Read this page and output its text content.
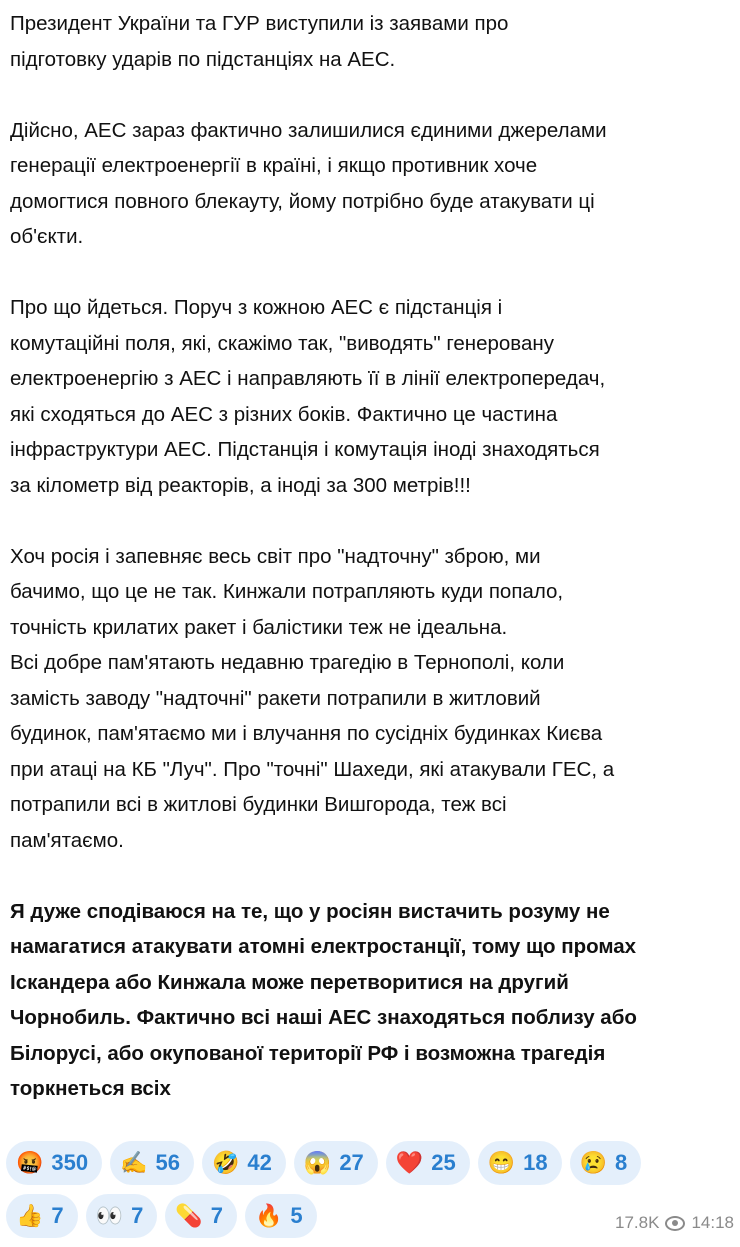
Президент України та ГУР виступили із заявами про
підготовку ударів по підстанціях на АЕС.
Дійсно, АЕС зараз фактично залишилися єдиними джерелами
генерації електроенергії в країні, і якщо противник хоче
домогтися повного блекауту, йому потрібно буде атакувати ці
об'єкти.
Про що йдеться. Поруч з кожною АЕС є підстанція і
комутаційні поля, які, скажімо так, "виводять" генеровану
електроенергію з АЕС і направляють її в лінії електропередач,
які сходяться до АЕС з різних боків. Фактично це частина
інфраструктури АЕС. Підстанція і комутація іноді знаходяться
за кілометр від реакторів, а іноді за 300 метрів!!!
Хоч росія і запевняє весь світ про "надточну" зброю, ми
бачимо, що це не так. Кинжали потрапляють куди попало,
точність крилатих ракет і балістики теж не ідеальна.
Всі добре пам'ятають недавню трагедію в Тернополі, коли
замість заводу "надточні" ракети потрапили в житловий
будинок, пам'ятаємо ми і влучання по сусідніх будинках Києва
при атаці на КБ "Луч". Про "точні" Шахеди, які атакували ГЕС, а
потрапили всі в житлові будинки Вишгорода, теж всі
пам'ятаємо.
Я дуже сподіваюся на те, що у росіян вистачить розуму не
намагатися атакувати атомні електростанції, тому що промах
Іскандера або Кинжала може перетворитися на другий
Чорнобиль. Фактично всі наші АЕС знаходяться поблизу або
Білорусі, або окупованої території РФ і возможна трагедія
торкнеться всіх
🤬 350 ✍️ 56 🤣 42 😱 27 ❤️ 25 😁 18 😢 8
👍 7 👀 7 💊 7 🔥 5	17.8K 14:18
